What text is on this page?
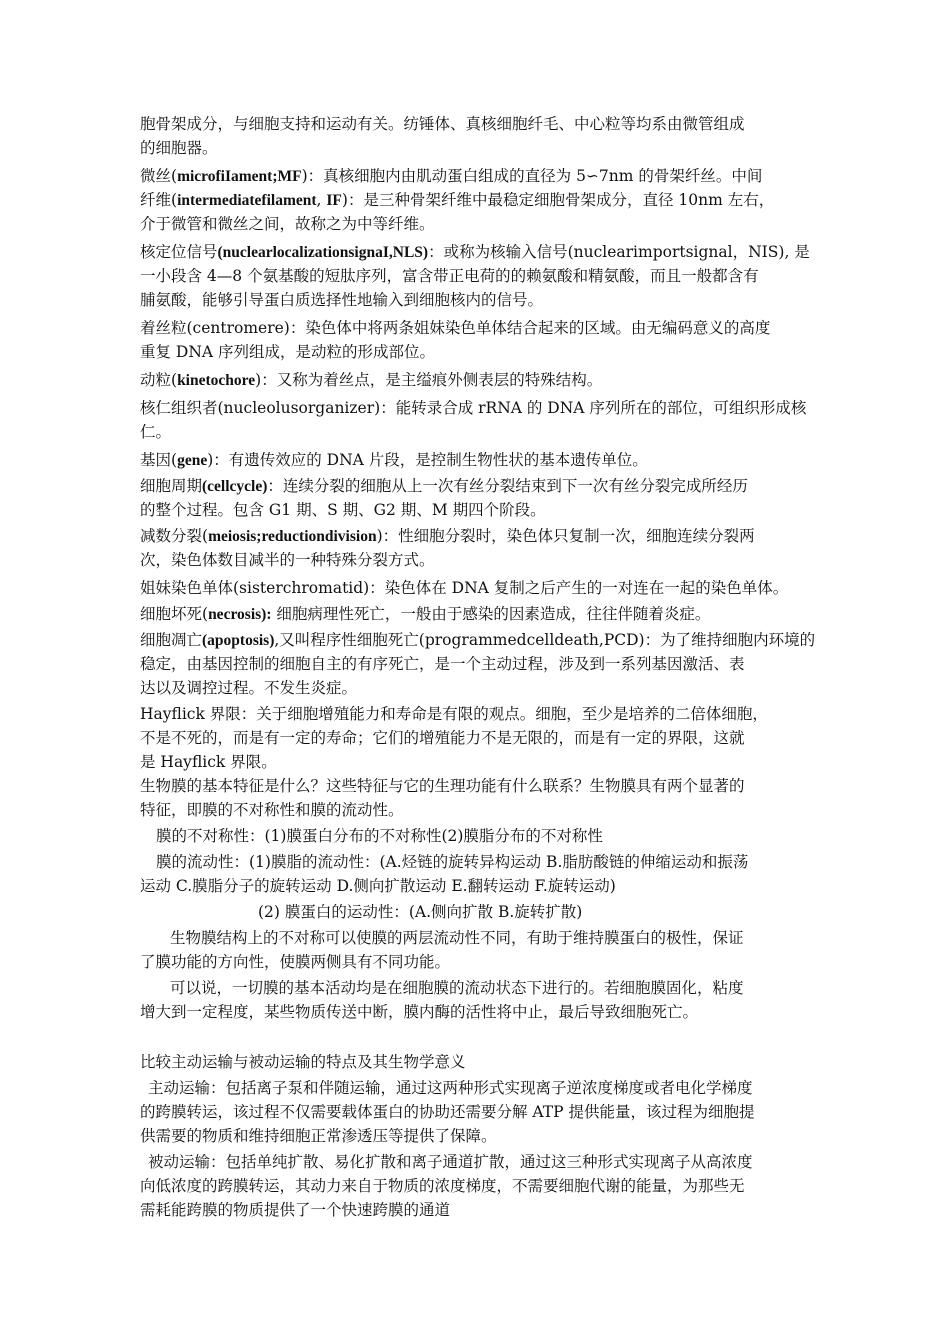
胞骨架成分，与细胞支持和运动有关。纺锤体、真核细胞纤毛、中心粒等均系由微管组成
的细胞器。
微丝(microfiIament;MF)：真核细胞内由肌动蛋白组成的直径为 5∽7nm 的骨架纤丝。中间
纤维(intermediatefilament, IF)：是三种骨架纤维中最稳定细胞骨架成分，直径 10nm 左右，
介于微管和微丝之间，故称之为中等纤维。
核定位信号(nuclearlocalizationsignaI,NLS)：或称为核输入信号(nuclearimportsignal，NIS), 是
一小段含 4—8 个氨基酸的短肽序列，富含带正电荷的的赖氨酸和精氨酸，而且一般都含有
脯氨酸，能够引导蛋白质选择性地输入到细胞核内的信号。
着丝粒(centromere)：染色体中将两条姐妹染色单体结合起来的区域。由无编码意义的高度
重复 DNA 序列组成，是动粒的形成部位。
动粒(kinetochore)：又称为着丝点，是主缢痕外侧表层的特殊结构。
核仁组织者(nucleolusorganizer)：能转录合成 rRNA 的 DNA 序列所在的部位，可组织形成核
仁。
基因(gene)：有遗传效应的 DNA 片段，是控制生物性状的基本遗传单位。
细胞周期(cellcycle)：连续分裂的细胞从上一次有丝分裂结束到下一次有丝分裂完成所经历
的整个过程。包含 G1 期、S 期、G2 期、M 期四个阶段。
减数分裂(meiosis;reductiondivision)：性细胞分裂时，染色体只复制一次，细胞连续分裂两
次，染色体数目减半的一种特殊分裂方式。
姐妹染色单体(sisterchromatid)：染色体在 DNA 复制之后产生的一对连在一起的染色单体。
细胞坏死(necrosis): 细胞病理性死亡，一般由于感染的因素造成，往往伴随着炎症。
细胞凋亡(apoptosis),又叫程序性细胞死亡(programmedcelldeath,PCD)：为了维持细胞内环境的
稳定，由基因控制的细胞自主的有序死亡，是一个主动过程，涉及到一系列基因激活、表
达以及调控过程。不发生炎症。
Hayflick 界限：关于细胞增殖能力和寿命是有限的观点。细胞，至少是培养的二倍体细胞，
不是不死的，而是有一定的寿命；它们的增殖能力不是无限的，而是有一定的界限，这就
是 Hayflick 界限。
生物膜的基本特征是什么？这些特征与它的生理功能有什么联系？生物膜具有两个显著的
特征，即膜的不对称性和膜的流动性。
膜的不对称性：(1)膜蛋白分布的不对称性(2)膜脂分布的不对称性
膜的流动性：(1)膜脂的流动性：(A.烃链的旋转异构运动 B.脂肪酸链的伸缩运动和振荡
运动 C.膜脂分子的旋转运动 D.侧向扩散运动 E.翻转运动 F.旋转运动)
(2) 膜蛋白的运动性：(A.侧向扩散 B.旋转扩散)
生物膜结构上的不对称可以使膜的两层流动性不同，有助于维持膜蛋白的极性，保证
了膜功能的方向性，使膜两侧具有不同功能。
可以说，一切膜的基本活动均是在细胞膜的流动状态下进行的。若细胞膜固化，粘度
增大到一定程度，某些物质传送中断，膜内酶的活性将中止，最后导致细胞死亡。
比较主动运输与被动运输的特点及其生物学意义
主动运输：包括离子泵和伴随运输，通过这两种形式实现离子逆浓度梯度或者电化学梯度
的跨膜转运，该过程不仅需要载体蛋白的协助还需要分解 ATP 提供能量，该过程为细胞提
供需要的物质和维持细胞正常渗透压等提供了保障。
被动运输：包括单纯扩散、易化扩散和离子通道扩散，通过这三种形式实现离子从高浓度
向低浓度的跨膜转运，其动力来自于物质的浓度梯度，不需要细胞代谢的能量，为那些无
需耗能跨膜的物质提供了一个快速跨膜的通道
